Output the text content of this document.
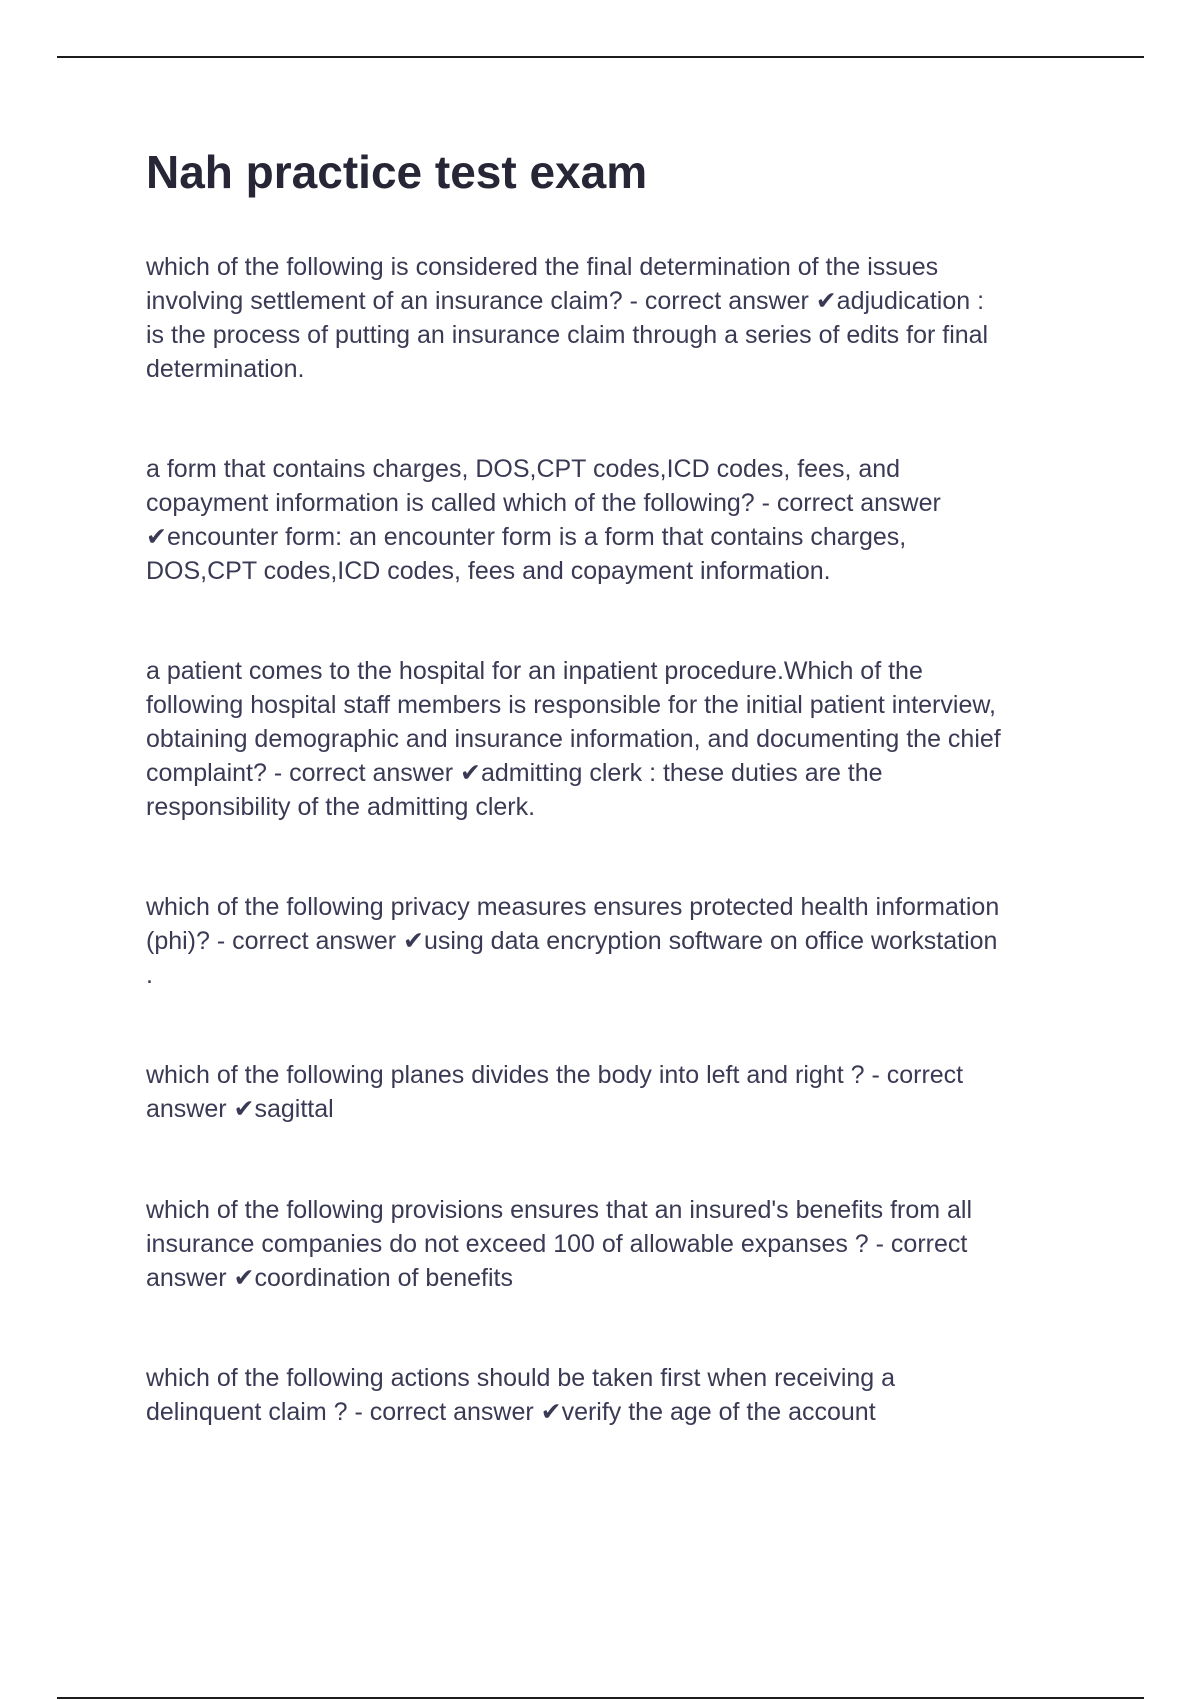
Nah practice test exam

which of the following is considered the final determination of the issues
involving settlement of an insurance claim? - correct answer ✔adjudication :
is the process of putting an insurance claim through a series of edits for final
determination.

a form that contains charges, DOS,CPT codes,ICD codes, fees, and
copayment information is called which of the following? - correct answer
✔encounter form: an encounter form is a form that contains charges,
DOS,CPT codes,ICD codes, fees and copayment information.

a patient comes to the hospital for an inpatient procedure.Which of the
following hospital staff members is responsible for the initial patient interview,
obtaining demographic and insurance information, and documenting the chief
complaint? - correct answer ✔admitting clerk : these duties are the
responsibility of the admitting clerk.

which of the following privacy measures ensures protected health information
(phi)? - correct answer ✔using data encryption software on office workstation
.

which of the following planes divides the body into left and right ? - correct
answer ✔sagittal

which of the following provisions ensures that an insured's benefits from all
insurance companies do not exceed 100 of allowable expanses ? - correct
answer ✔coordination of benefits

which of the following actions should be taken first when receiving a
delinquent claim ? - correct answer ✔verify the age of the account
